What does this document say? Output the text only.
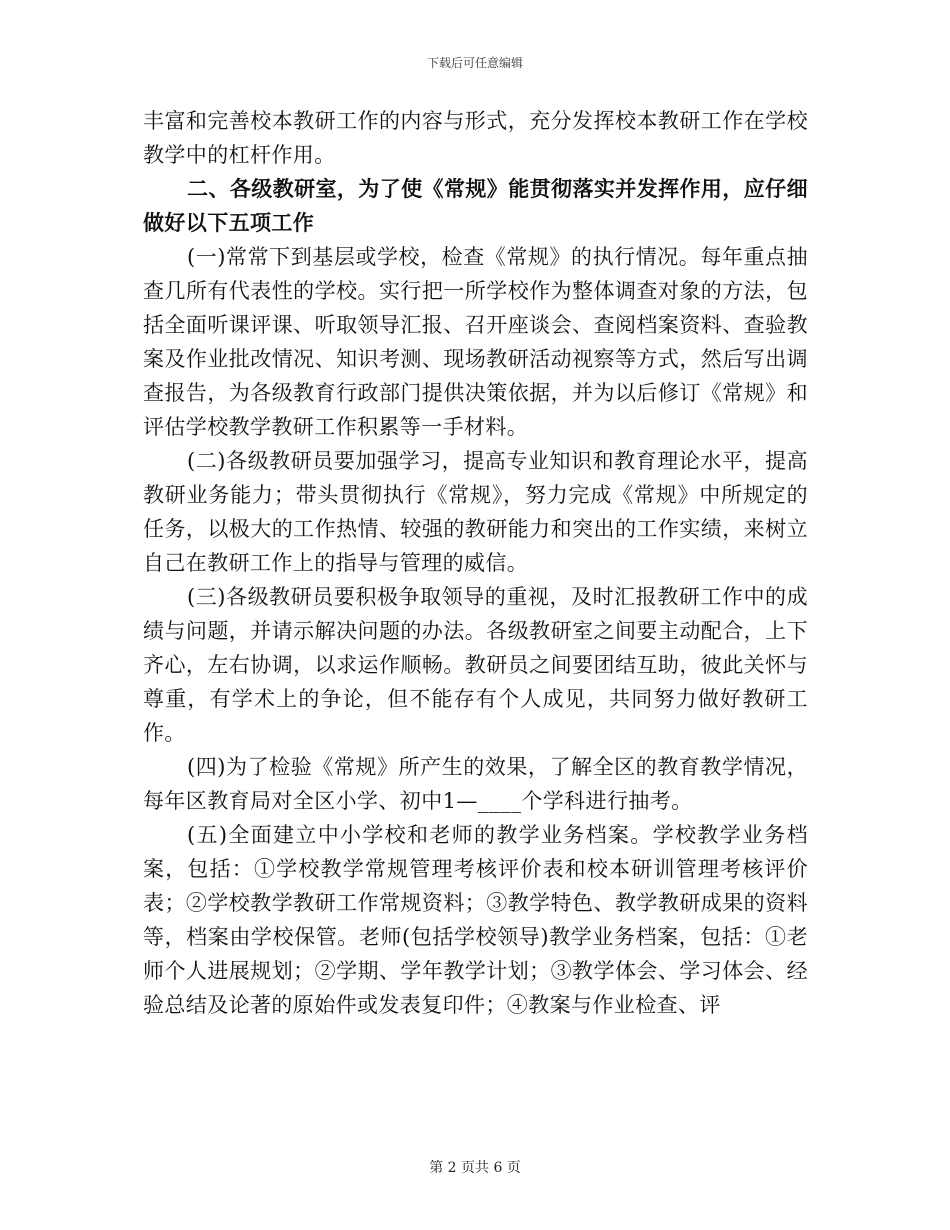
下载后可任意编辑

丰富和完善校本教研工作的内容与形式，充分发挥校本教研工作在学校教学中的杠杆作用。

二、各级教研室，为了使《常规》能贯彻落实并发挥作用，应仔细做好以下五项工作

(一)常常下到基层或学校，检查《常规》的执行情况。每年重点抽查几所有代表性的学校。实行把一所学校作为整体调查对象的方法，包括全面听课评课、听取领导汇报、召开座谈会、查阅档案资料、查验教案及作业批改情况、知识考测、现场教研活动视察等方式，然后写出调查报告，为各级教育行政部门提供决策依据，并为以后修订《常规》和评估学校教学教研工作积累等一手材料。

(二)各级教研员要加强学习，提高专业知识和教育理论水平，提高教研业务能力；带头贯彻执行《常规》，努力完成《常规》中所规定的任务，以极大的工作热情、较强的教研能力和突出的工作实绩，来树立自己在教研工作上的指导与管理的威信。

(三)各级教研员要积极争取领导的重视，及时汇报教研工作中的成绩与问题，并请示解决问题的办法。各级教研室之间要主动配合，上下齐心，左右协调，以求运作顺畅。教研员之间要团结互助，彼此关怀与尊重，有学术上的争论，但不能存有个人成见，共同努力做好教研工作。

(四)为了检验《常规》所产生的效果，了解全区的教育教学情况，每年区教育局对全区小学、初中1—____个学科进行抽考。

(五)全面建立中小学校和老师的教学业务档案。学校教学业务档案，包括：①学校教学常规管理考核评价表和校本研训管理考核评价表；②学校教学教研工作常规资料；③教学特色、教学教研成果的资料等，档案由学校保管。老师(包括学校领导)教学业务档案，包括：①老师个人进展规划；②学期、学年教学计划；③教学体会、学习体会、经验总结及论著的原始件或发表复印件；④教案与作业检查、评

第 2 页共 6 页
